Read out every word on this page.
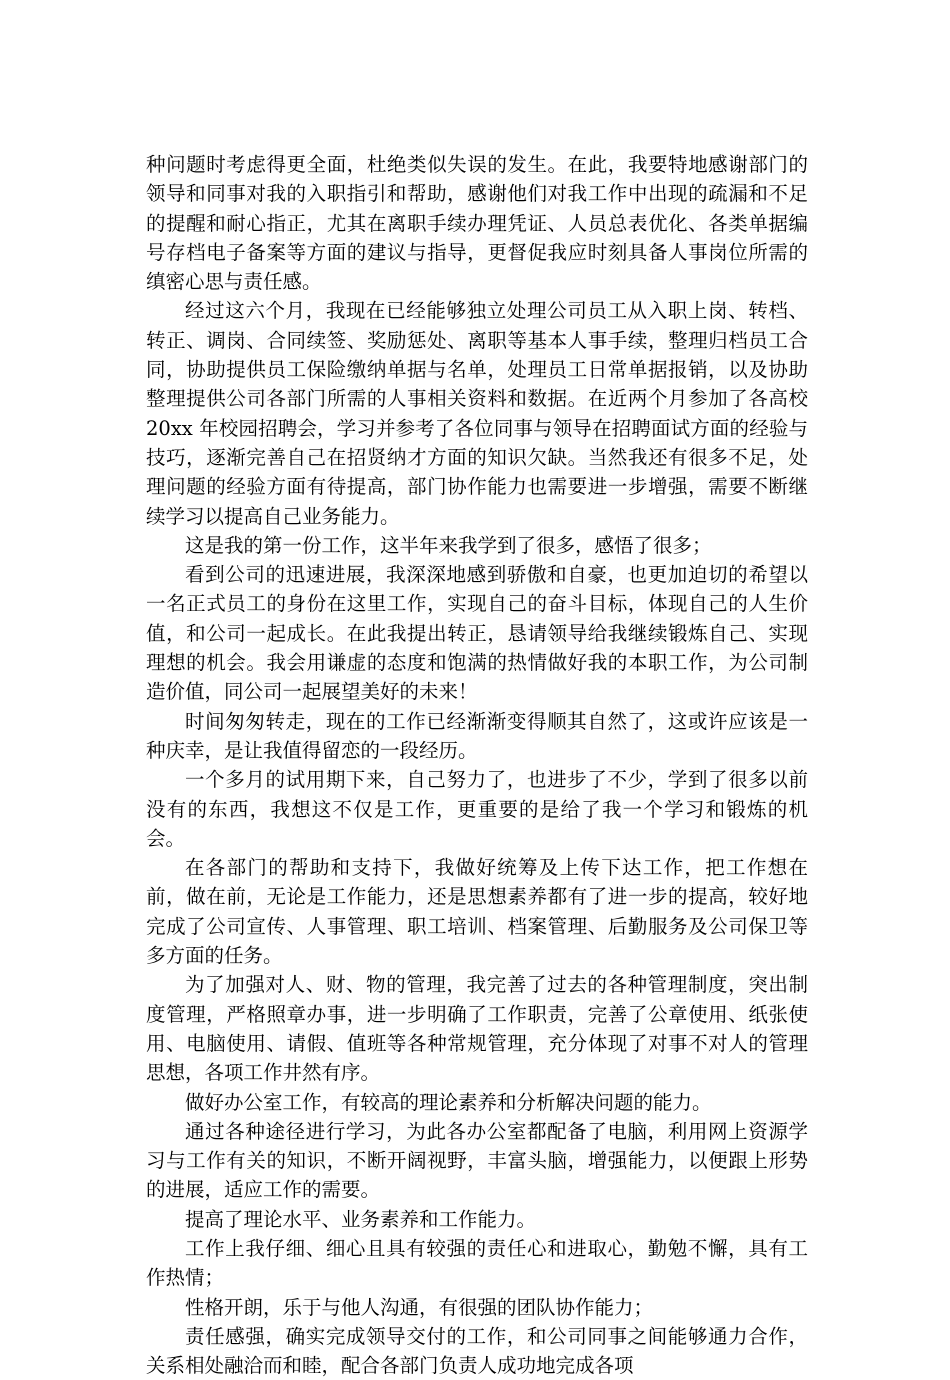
种问题时考虑得更全面，杜绝类似失误的发生。在此，我要特地感谢部门的领导和同事对我的入职指引和帮助，感谢他们对我工作中出现的疏漏和不足的提醒和耐心指正，尤其在离职手续办理凭证、人员总表优化、各类单据编号存档电子备案等方面的建议与指导，更督促我应时刻具备人事岗位所需的缜密心思与责任感。

经过这六个月，我现在已经能够独立处理公司员工从入职上岗、转档、转正、调岗、合同续签、奖励惩处、离职等基本人事手续，整理归档员工合同，协助提供员工保险缴纳单据与名单，处理员工日常单据报销，以及协助整理提供公司各部门所需的人事相关资料和数据。在近两个月参加了各高校 20xx 年校园招聘会，学习并参考了各位同事与领导在招聘面试方面的经验与技巧，逐渐完善自己在招贤纳才方面的知识欠缺。当然我还有很多不足，处理问题的经验方面有待提高，部门协作能力也需要进一步增强，需要不断继续学习以提高自己业务能力。

这是我的第一份工作，这半年来我学到了很多，感悟了很多；

看到公司的迅速进展，我深深地感到骄傲和自豪，也更加迫切的希望以一名正式员工的身份在这里工作，实现自己的奋斗目标，体现自己的人生价值，和公司一起成长。在此我提出转正，恳请领导给我继续锻炼自己、实现理想的机会。我会用谦虚的态度和饱满的热情做好我的本职工作，为公司制造价值，同公司一起展望美好的未来！

时间匆匆转走，现在的工作已经渐渐变得顺其自然了，这或许应该是一种庆幸，是让我值得留恋的一段经历。

一个多月的试用期下来，自己努力了，也进步了不少，学到了很多以前没有的东西，我想这不仅是工作，更重要的是给了我一个学习和锻炼的机会。

在各部门的帮助和支持下，我做好统筹及上传下达工作，把工作想在前，做在前，无论是工作能力，还是思想素养都有了进一步的提高，较好地完成了公司宣传、人事管理、职工培训、档案管理、后勤服务及公司保卫等多方面的任务。

为了加强对人、财、物的管理，我完善了过去的各种管理制度，突出制度管理，严格照章办事，进一步明确了工作职责，完善了公章使用、纸张使用、电脑使用、请假、值班等各种常规管理，充分体现了对事不对人的管理思想，各项工作井然有序。

做好办公室工作，有较高的理论素养和分析解决问题的能力。

通过各种途径进行学习，为此各办公室都配备了电脑，利用网上资源学习与工作有关的知识，不断开阔视野，丰富头脑，增强能力，以便跟上形势的进展，适应工作的需要。

提高了理论水平、业务素养和工作能力。

工作上我仔细、细心且具有较强的责任心和进取心，勤勉不懈，具有工作热情；

性格开朗，乐于与他人沟通，有很强的团队协作能力；

责任感强，确实完成领导交付的工作，和公司同事之间能够通力合作，关系相处融洽而和睦，配合各部门负责人成功地完成各项
